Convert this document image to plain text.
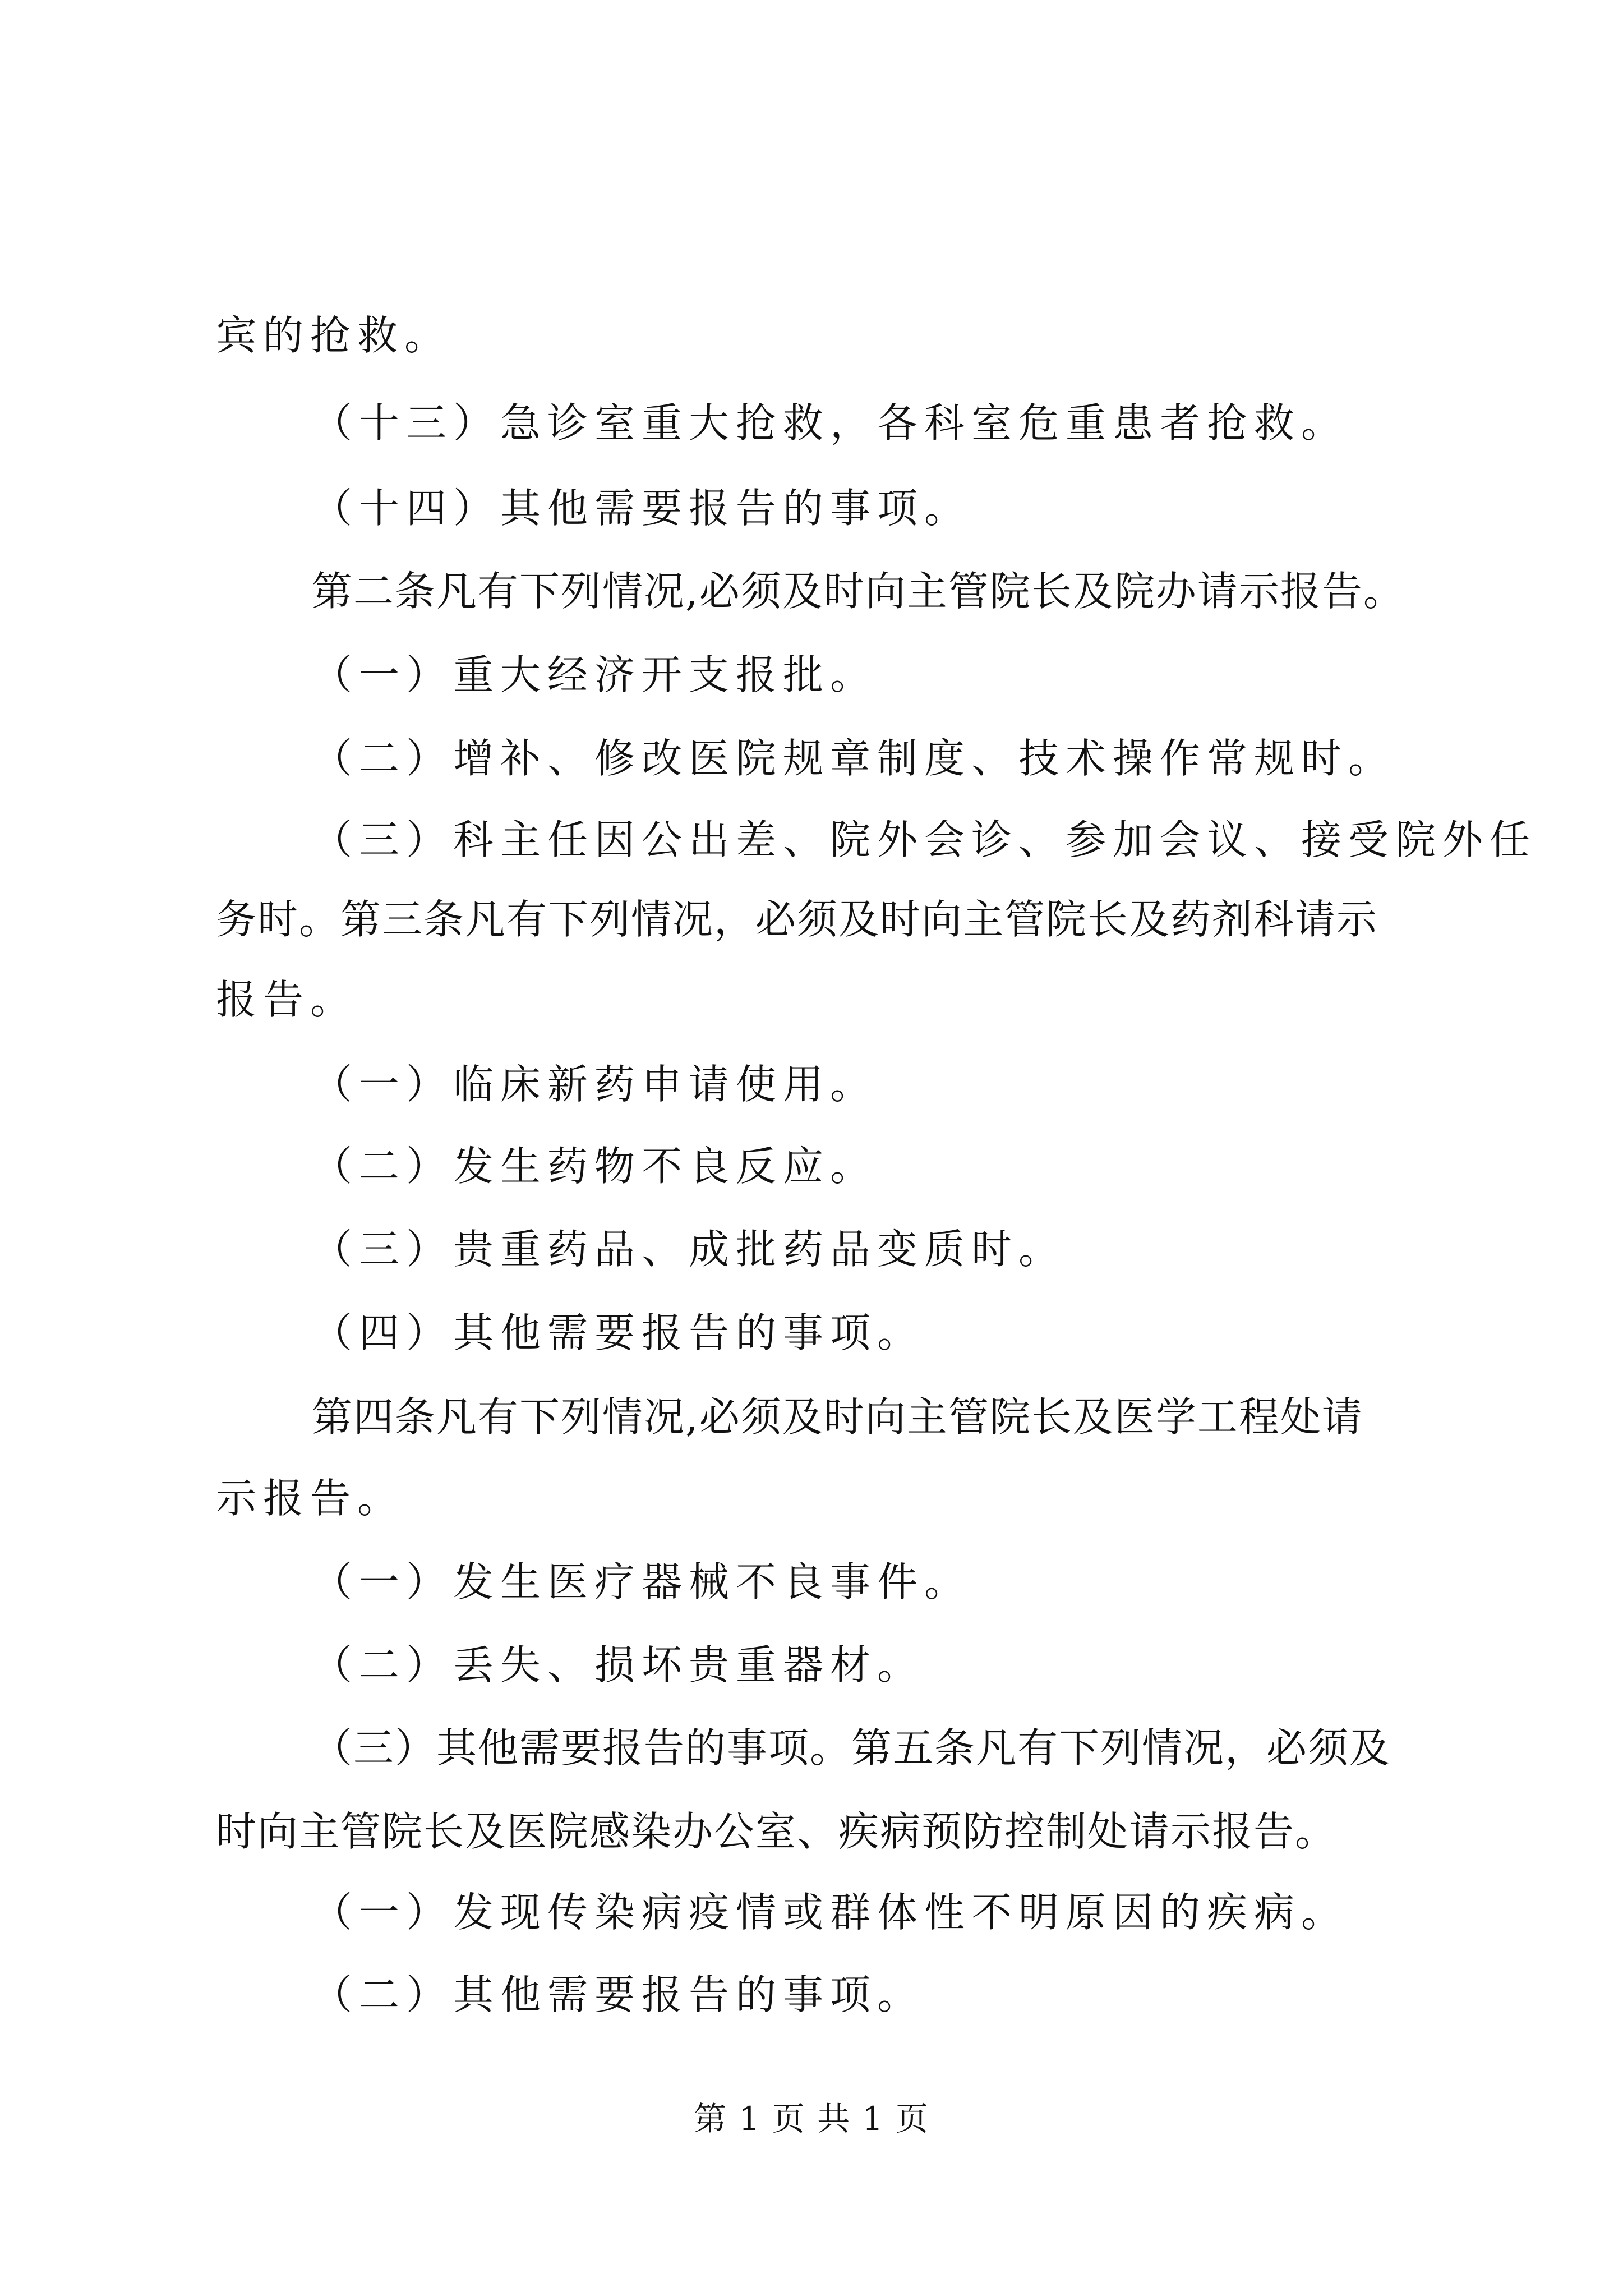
宾的抢救。
（十三）急诊室重大抢救，各科室危重患者抢救。
（十四）其他需要报告的事项。
第二条凡有下列情况,必须及时向主管院长及院办请示报告。
（一）重大经济开支报批。
（二）增补、修改医院规章制度、技术操作常规时。
（三）科主任因公出差、院外会诊、参加会议、接受院外任
务时。第三条凡有下列情况，必须及时向主管院长及药剂科请示
报告。
（一）临床新药申请使用。
（二）发生药物不良反应。
（三）贵重药品、成批药品变质时。
（四）其他需要报告的事项。
第四条凡有下列情况,必须及时向主管院长及医学工程处请
示报告。
（一）发生医疗器械不良事件。
（二）丢失、损坏贵重器材。
（三）其他需要报告的事项。第五条凡有下列情况，必须及
时向主管院长及医院感染办公室、疾病预防控制处请示报告。
（一）发现传染病疫情或群体性不明原因的疾病。
（二）其他需要报告的事项。
第 1 页 共 1 页
